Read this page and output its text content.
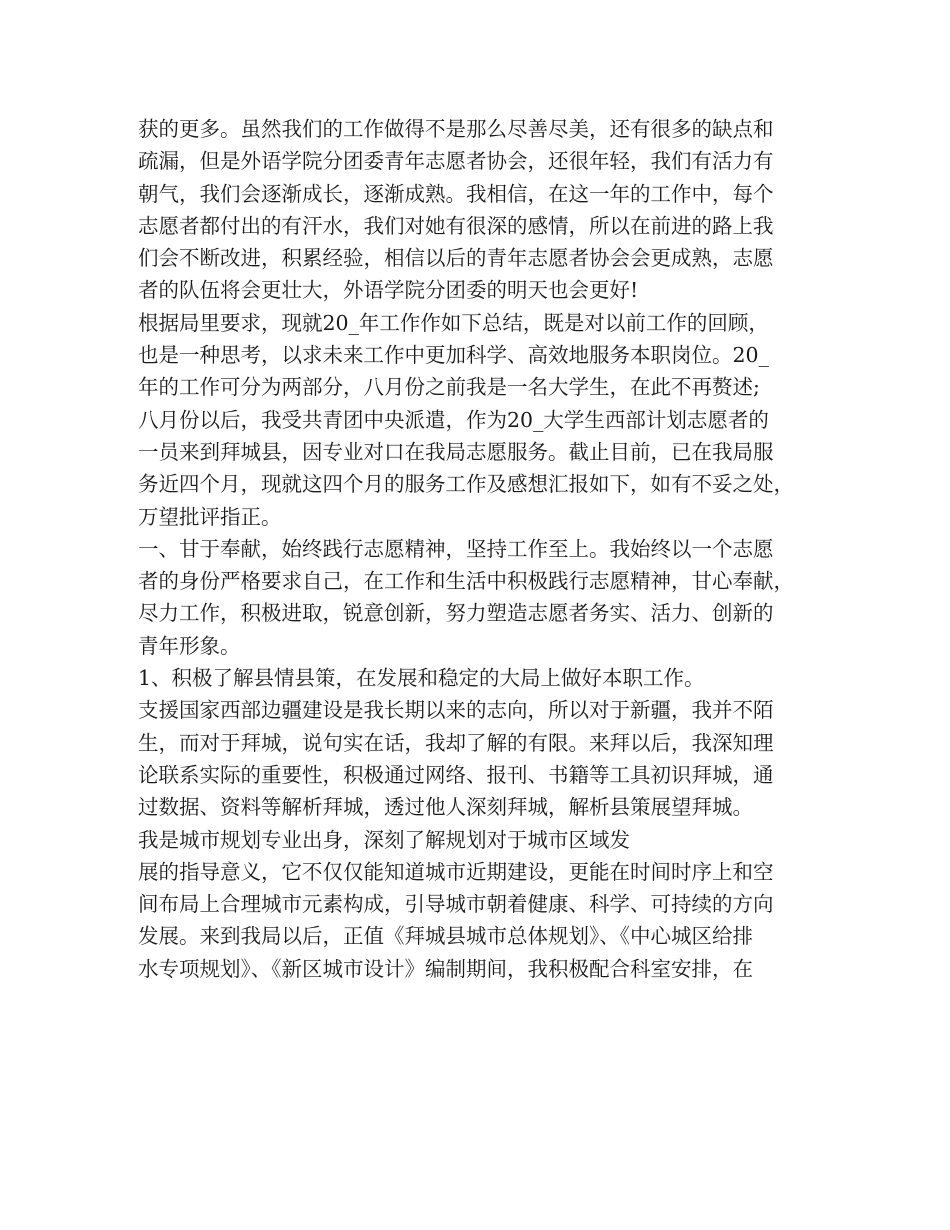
获的更多。虽然我们的工作做得不是那么尽善尽美，还有很多的缺点和
疏漏，但是外语学院分团委青年志愿者协会，还很年轻，我们有活力有
朝气，我们会逐渐成长，逐渐成熟。我相信，在这一年的工作中，每个
志愿者都付出的有汗水，我们对她有很深的感情，所以在前进的路上我
们会不断改进，积累经验，相信以后的青年志愿者协会会更成熟，志愿
者的队伍将会更壮大，外语学院分团委的明天也会更好!
根据局里要求，现就20_年工作作如下总结，既是对以前工作的回顾，
也是一种思考，以求未来工作中更加科学、高效地服务本职岗位。20_
年的工作可分为两部分，八月份之前我是一名大学生，在此不再赘述;
八月份以后，我受共青团中央派遣，作为20_大学生西部计划志愿者的
一员来到拜城县，因专业对口在我局志愿服务。截止目前，已在我局服
务近四个月，现就这四个月的服务工作及感想汇报如下，如有不妥之处，
万望批评指正。
一、甘于奉献，始终践行志愿精神，坚持工作至上。我始终以一个志愿
者的身份严格要求自己，在工作和生活中积极践行志愿精神，甘心奉献，
尽力工作，积极进取，锐意创新，努力塑造志愿者务实、活力、创新的
青年形象。
1、积极了解县情县策，在发展和稳定的大局上做好本职工作。
支援国家西部边疆建设是我长期以来的志向，所以对于新疆，我并不陌
生，而对于拜城，说句实在话，我却了解的有限。来拜以后，我深知理
论联系实际的重要性，积极通过网络、报刊、书籍等工具初识拜城，通
过数据、资料等解析拜城，透过他人深刻拜城，解析县策展望拜城。
我是城市规划专业出身，深刻了解规划对于城市区域发
展的指导意义，它不仅仅能知道城市近期建设，更能在时间时序上和空
间布局上合理城市元素构成，引导城市朝着健康、科学、可持续的方向
发展。来到我局以后，正值《拜城县城市总体规划》、《中心城区给排
水专项规划》、《新区城市设计》编制期间，我积极配合科室安排，在
